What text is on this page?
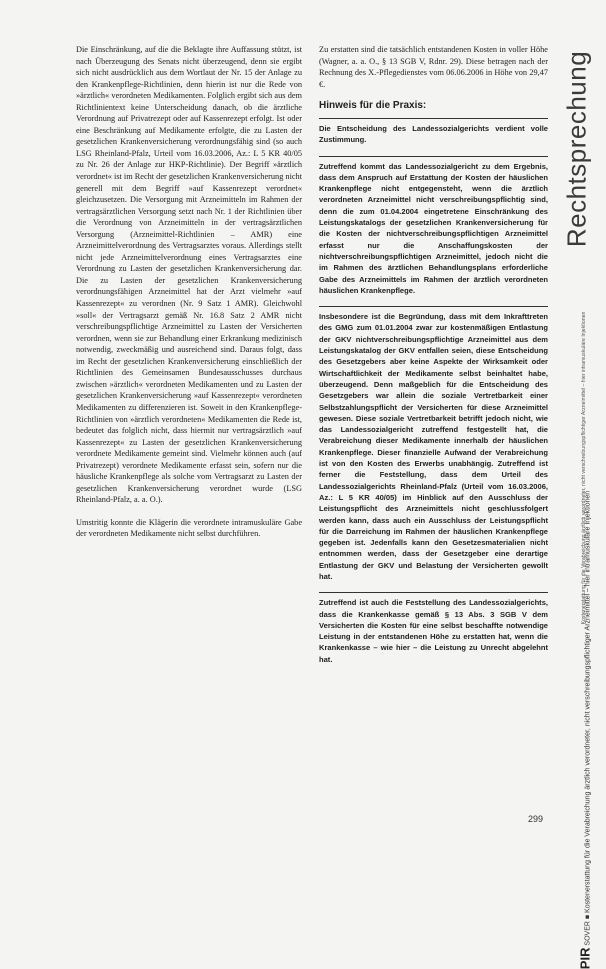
Die Einschränkung, auf die die Beklagte ihre Auffassung stützt, ist nach Überzeugung des Senats nicht überzeugend, denn sie ergibt sich nicht ausdrücklich aus dem Wortlaut der Nr. 15 der Anlage zu den Krankenpflege-Richtlinien, denn hierin ist nur die Rede von »ärztlich« verordneten Medikamenten. Folglich ergibt sich aus dem Richtlinientext keine Unterscheidung danach, ob die ärztliche Verordnung auf Privatrezept oder auf Kassenrezept erfolgt. Ist oder eine Beschränkung auf Medikamente erfolgte, die zu Lasten der gesetzlichen Krankenversicherung verordnungsfähig sind (so auch LSG Rheinland-Pfalz, Urteil vom 16.03.2006, Az.: L 5 KR 40/05 zu Nr. 26 der Anlage zur HKP-Richtlinie). Der Begriff »ärztlich verordnet« ist im Recht der gesetzlichen Krankenversicherung nicht generell mit dem Begriff »auf Kassenrezept verordnet« gleichzusetzen. Die Versorgung mit Arzneimitteln im Rahmen der vertragsärztlichen Versorgung setzt nach Nr. 1 der Richtlinien über die Verordnung von Arzneimitteln in der vertragsärztlichen Versorgung (Arzneimittel-Richtlinien – AMR) eine Arzneimittelverordnung des Vertragsarztes voraus. Allerdings stellt nicht jede Arzneimittelverordnung eines Vertragsarztes eine Verordnung zu Lasten der gesetzlichen Krankenversicherung dar. Die zu Lasten der gesetzlichen Krankenversicherung verordnungsfähigen Arzneimittel hat der Arzt vielmehr »auf Kassenrezept« zu verordnen (Nr. 9 Satz 1 AMR). Gleichwohl »soll« der Vertragsarzt gemäß Nr. 16.8 Satz 2 AMR nicht verschreibungspflichtige Arzneimittel zu Lasten der Versicherten verordnen, wenn sie zur Behandlung einer Erkrankung medizinisch notwendig, zweckmäßig und ausreichend sind. Daraus folgt, dass im Recht der gesetzlichen Krankenversicherung einschließlich der Richtlinien des Gemeinsamen Bundesausschusses durchaus zwischen »ärztlich« verordneten Medikamenten und zu Lasten der gesetzlichen Krankenversicherung »auf Kassenrezept« verordneten Medikamenten zu differenzieren ist. Soweit in den Krankenpflege-Richtlinien von »ärztlich verordneten« Medikamenten die Rede ist, bedeutet das folglich nicht, dass hiermit nur vertragsärztlich »auf Kassenrezept« zu Lasten der gesetzlichen Krankenversicherung verordnete Medikamente gemeint sind. Vielmehr können auch (auf Privatrezept) verordnete Medikamente erfasst sein, sofern nur die häusliche Krankenpflege als solche vom Vertragsarzt zu Lasten der gesetzlichen Krankenversicherung verordnet wurde (LSG Rheinland-Pfalz, a. a. O.).

Umstritig konnte die Klägerin die verordnete intramuskuläre Gabe der verordneten Medikamente nicht selbst durchführen.

Zu erstatten sind die tatsächlich entstandenen Kosten in voller Höhe (Wagner, a. a. O., § 13 SGB V, Rdnr. 29). Diese betragen nach der Rechnung des X.-Pflegedienstes vom 06.06.2006 in Höhe von 29,47 €.

Hinweis für die Praxis:

Die Entscheidung des Landessozialgerichts verdient volle Zustimmung.

Zutreffend kommt das Landessozialgericht zu dem Ergebnis, dass dem Anspruch auf Erstattung der Kosten der häuslichen Krankenpflege nicht entgegensteht, wenn die ärztlich verordneten Arzneimittel nicht verschreibungspflichtig sind, denn die zum 01.04.2004 eingetretene Einschränkung des Leistungskatalogs der gesetzlichen Krankenversicherung für die Kosten der nichtverschreibungspflichtigen Arzneimittel erfasst nur die Anschaffungskosten der nichtverschreibungspflichtigen Arzneimittel, jedoch nicht die im Rahmen des ärztlichen Behandlungsplans erforderliche Gabe des Arzneimittels im Rahmen der ärztlich verordneten häuslichen Krankenpflege.

Insbesondere ist die Begründung, dass mit dem Inkrafttreten des GMG zum 01.01.2004 zwar zur kostenmäßigen Entlastung der GKV nichtverschreibungspflichtige Arzneimittel aus dem Leistungskatalog der GKV entfallen seien, diese Entscheidung des Gesetzgebers aber keine Aspekte der Wirksamkeit oder Wirtschaftlichkeit der Medikamente selbst beinhaltet habe, überzeugend. Denn maßgeblich für die Entscheidung des Gesetzgebers war allein die soziale Vertretbarkeit einer Selbstzahlungspflicht der Versicherten für diese Arzneimittel gewesen. Diese soziale Vertretbarkeit betrifft jedoch nicht, wie das Landessozialgericht zutreffend festgestellt hat, die Verabreichung dieser Medikamente innerhalb der häuslichen Krankenpflege. Dieser finanzielle Aufwand der Verabreichung ist von den Kosten des Erwerbs unabhängig. Zutreffend ist ferner die Feststellung, dass dem Urteil des Landessozialgerichts Rheinland-Pfalz (Urteil vom 16.03.2006, Az.: L 5 KR 40/05) im Hinblick auf den Ausschluss der Leistungspflicht des Arzneimittels nicht geschlussfolgert werden kann, dass auch ein Ausschluss der Leistungspflicht für die Darreichung im Rahmen der häuslichen Krankenpflege gegeben ist. Jedenfalls kann den Gesetzesmaterialien nicht entnommen werden, dass der Gesetzgeber eine derartige Entlastung der GKV und Belastung der Versicherten gewollt hat.

Zutreffend ist auch die Feststellung des Landessozialgerichts, dass die Krankenkasse gemäß § 13 Abs. 3 SGB V dem Versicherten die Kosten für eine selbst beschaffte notwendige Leistung in der entstandenen Höhe zu erstatten hat, wenn die Krankenkasse – wie hier – die Leistung zu Unrecht abgelehnt hat.

Rechtsprechung
Kostenerstattung für die Verabreichung ärztlich verordneter, nicht verschreibungspflichtiger Arzneimittel – hier intramuskuläre Injektionen
PIR SOVER ■ Kostenerstattung für die Verabreichung ärztlich verordneter, nicht verschreibungspflichtiger Arzneimittel – hier intramuskuläre Injektionen
299
